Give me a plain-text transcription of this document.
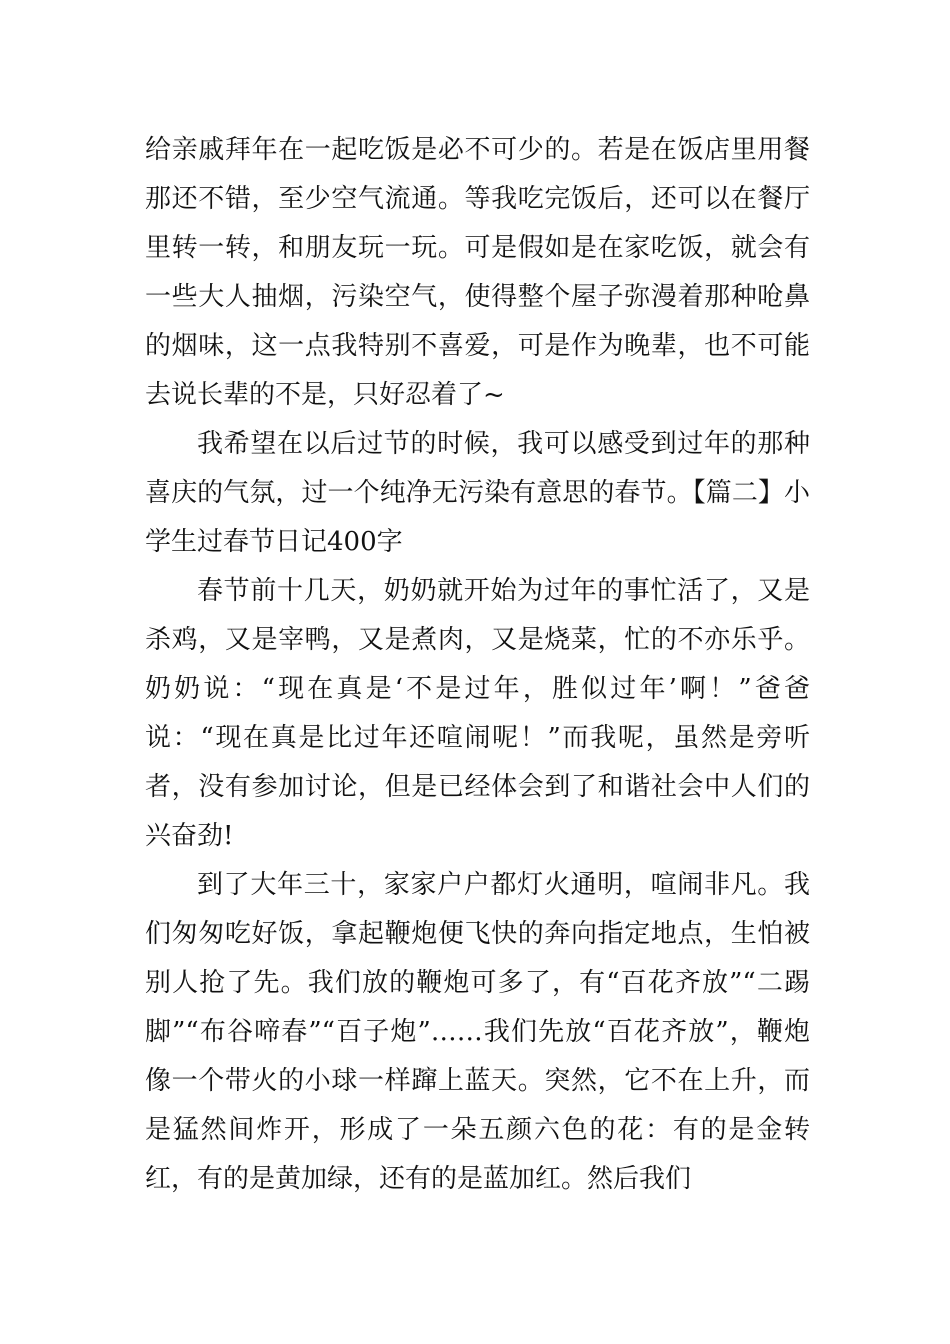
给亲戚拜年在一起吃饭是必不可少的。若是在饭店里用餐那还不错，至少空气流通。等我吃完饭后，还可以在餐厅里转一转，和朋友玩一玩。可是假如是在家吃饭，就会有一些大人抽烟，污染空气，使得整个屋子弥漫着那种呛鼻的烟味，这一点我特别不喜爱，可是作为晚辈，也不可能去说长辈的不是，只好忍着了~

我希望在以后过节的时候，我可以感受到过年的那种喜庆的气氛，过一个纯净无污染有意思的春节。【篇二】小学生过春节日记400字

春节前十几天，奶奶就开始为过年的事忙活了，又是杀鸡，又是宰鸭，又是煮肉，又是烧菜，忙的不亦乐乎。奶奶说：“现在真是‘不是过年，胜似过年’啊！”爸爸说：“现在真是比过年还喧闹呢！”而我呢，虽然是旁听者，没有参加讨论，但是已经体会到了和谐社会中人们的兴奋劲!

到了大年三十，家家户户都灯火通明，喧闹非凡。我们匆匆吃好饭，拿起鞭炮便飞快的奔向指定地点，生怕被别人抢了先。我们放的鞭炮可多了，有“百花齐放”“二踢脚”“布谷啼春”“百子炮”……我们先放“百花齐放”，鞭炮像一个带火的小球一样蹿上蓝天。突然，它不在上升，而是猛然间炸开，形成了一朵五颜六色的花：有的是金转红，有的是黄加绿，还有的是蓝加红。然后我们
